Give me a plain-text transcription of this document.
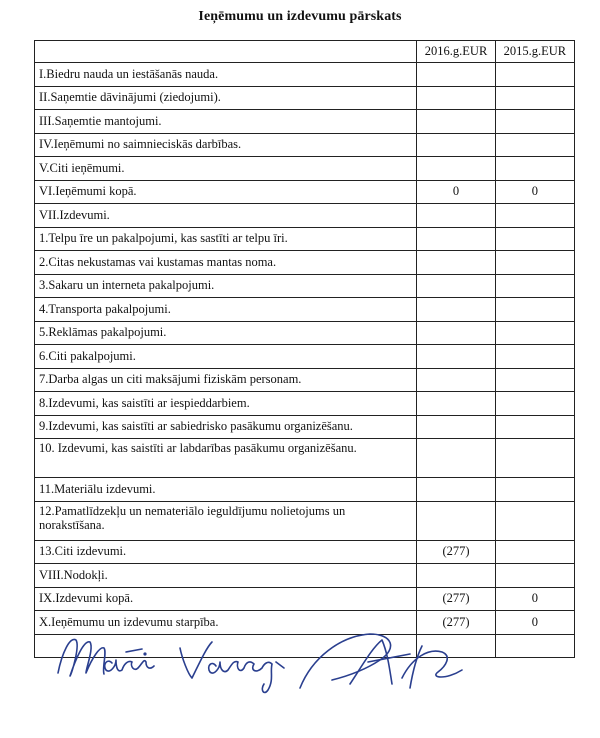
Ieņēmumu un izdevumu pārskats
	2016.g.EUR	2015.g.EUR
I.Biedru nauda un iestāšanās nauda.		
II.Saņemtie dāvinājumi (ziedojumi).		
III.Saņemtie mantojumi.		
IV.Ieņēmumi no saimnieciskās darbības.		
V.Citi ieņēmumi.		
VI.Ieņēmumi kopā.	0	0
VII.Izdevumi.		
1.Telpu īre un pakalpojumi, kas sastīti ar telpu īri.		
2.Citas nekustamas vai kustamas mantas noma.		
3.Sakaru un interneta pakalpojumi.		
4.Transporta pakalpojumi.		
5.Reklāmas pakalpojumi.		
6.Citi pakalpojumi.		
7.Darba algas un citi maksājumi fiziskām personam.		
8.Izdevumi, kas saistīti ar iespieddarbiem.		
9.Izdevumi, kas saistīti ar sabiedrisko pasākumu organizēšanu.		
10. Izdevumi, kas saistīti ar labdarības pasākumu organizēšanu.		
11.Materiālu izdevumi.		
12.Pamatlīdzekļu un nemateriālo ieguldījumu nolietojums un norakstīšana.		
13.Citi izdevumi.	(277)	
VIII.Nodokļi.		
IX.Izdevumi kopā.	(277)	0
X.Ieņēmumu un izdevumu starpība.	(277)	0
